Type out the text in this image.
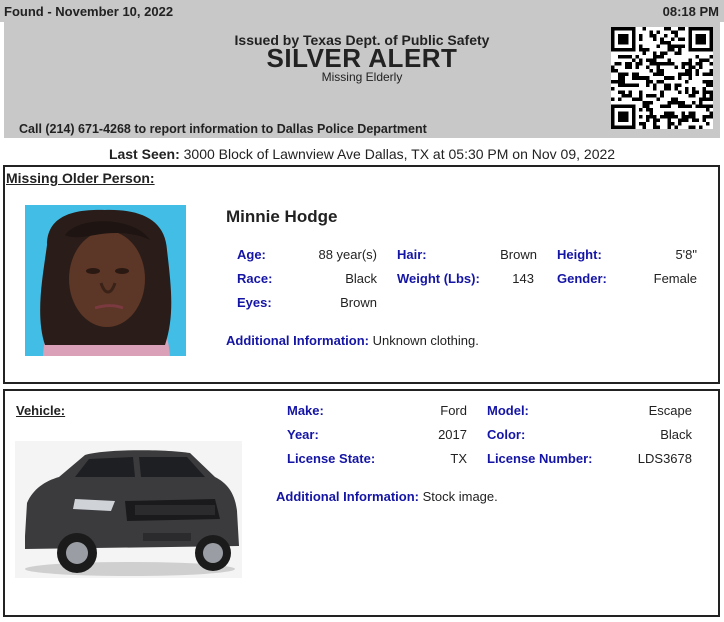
Found - November 10, 2022	08:18 PM
Issued by Texas Dept. of Public Safety
SILVER ALERT
Missing Elderly
Call (214) 671-4268 to report information to Dallas Police Department
Last Seen: 3000 Block of Lawnview Ave Dallas, TX at 05:30 PM on Nov 09, 2022
Missing Older Person:
Minnie Hodge
Age:	88 year(s) Hair:	Brown Height:	5'8"
Race:	Black Weight (Lbs):	143 Gender:	Female
Eyes:	Brown
Additional Information: Unknown clothing.
Vehicle:	Make:	Ford Model:	Escape
Year:	2017 Color:	Black
License State:	TX License Number:	LDS3678
Additional Information: Stock image.
